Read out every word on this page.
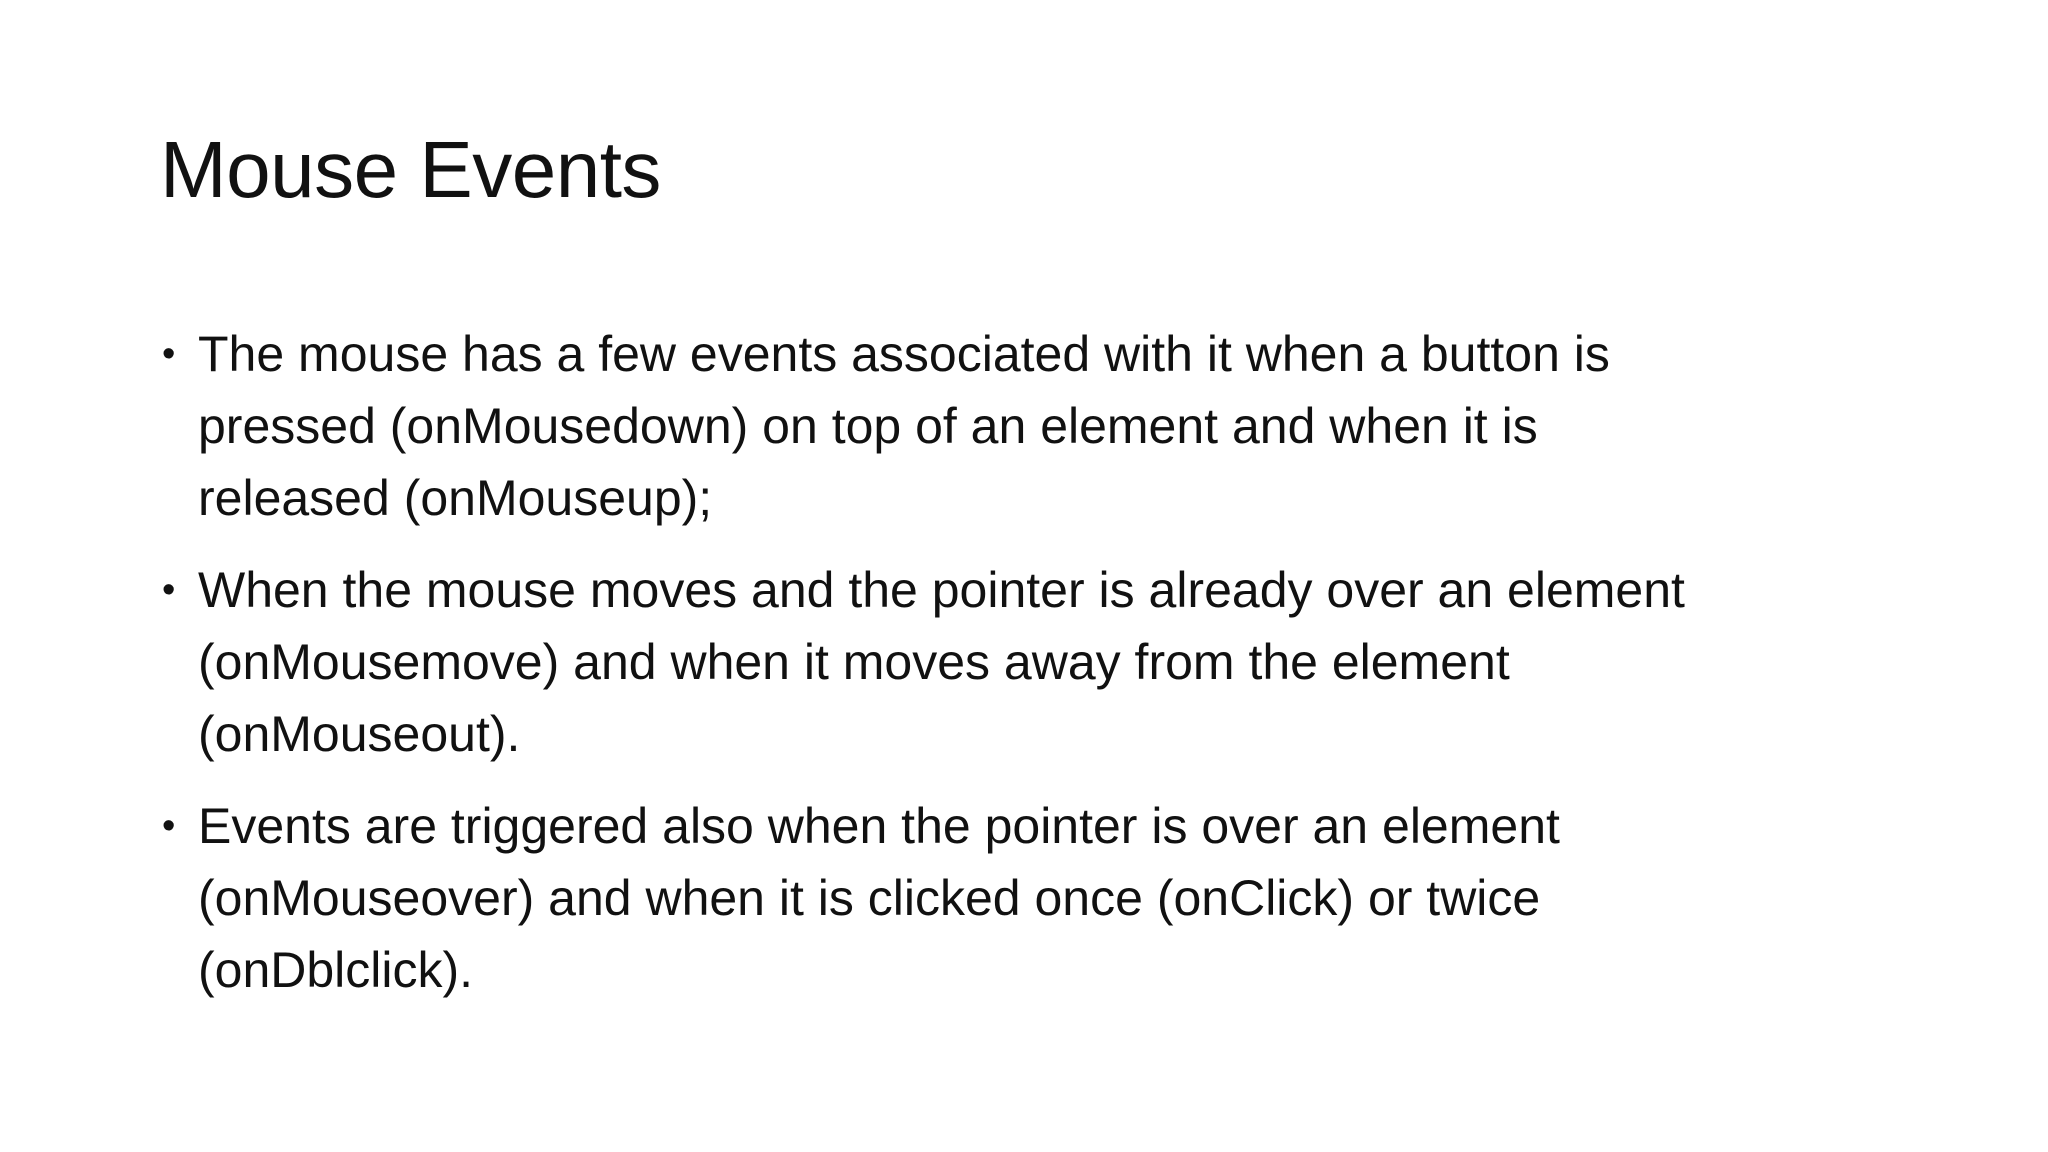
Mouse Events
• The mouse has a few events associated with it when a button is
pressed (onMousedown) on top of an element and when it is
released (onMouseup);
• When the mouse moves and the pointer is already over an element
(onMousemove) and when it moves away from the element
(onMouseout).
• Events are triggered also when the pointer is over an element
(onMouseover) and when it is clicked once (onClick) or twice
(onDblclick).
